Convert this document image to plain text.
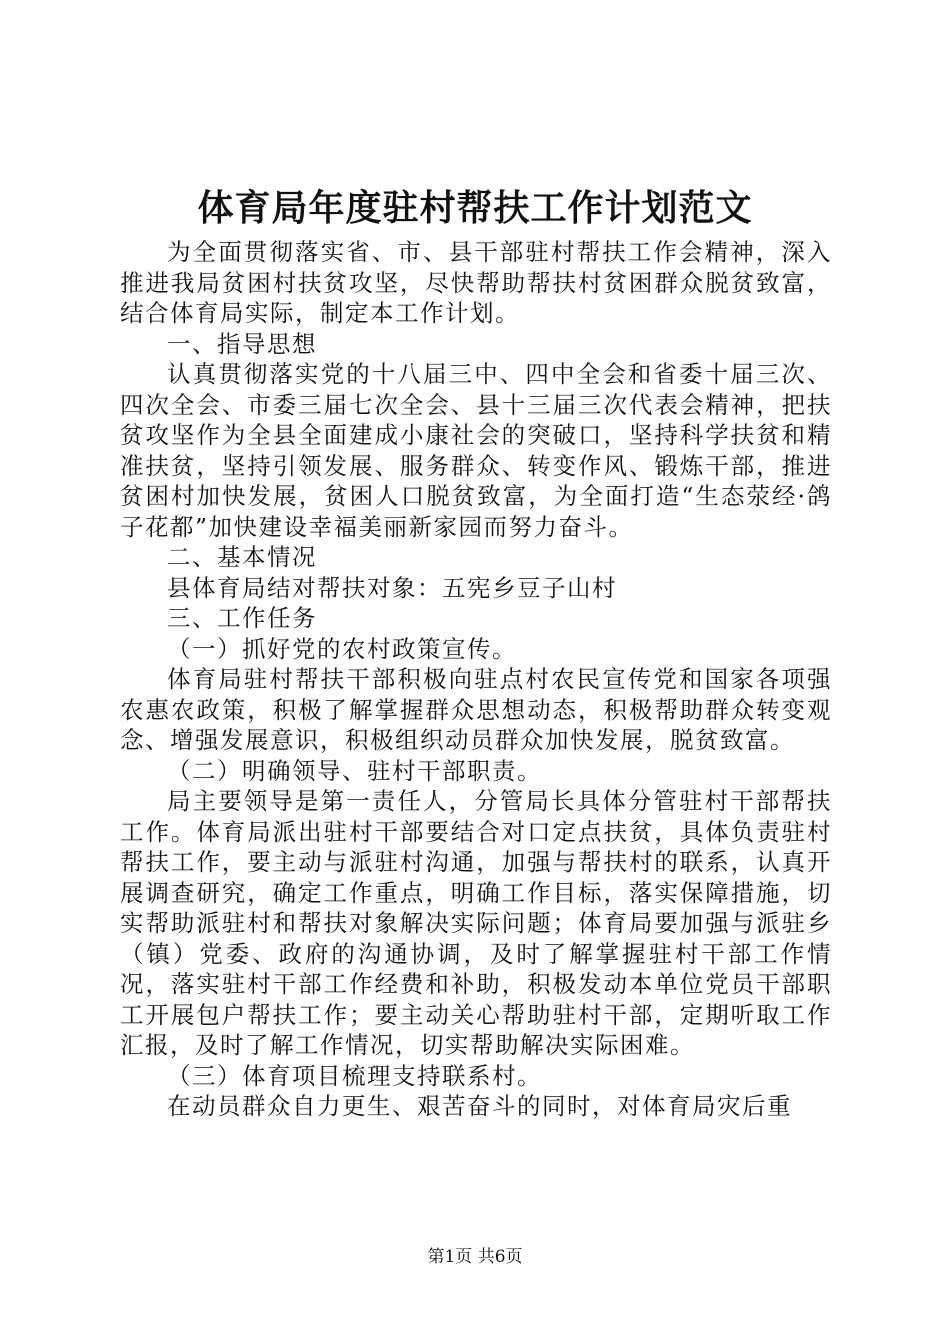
体育局年度驻村帮扶工作计划范文

为全面贯彻落实省、市、县干部驻村帮扶工作会精神，深入推进我局贫困村扶贫攻坚，尽快帮助帮扶村贫困群众脱贫致富，结合体育局实际，制定本工作计划。

一、指导思想

认真贯彻落实党的十八届三中、四中全会和省委十届三次、四次全会、市委三届七次全会、县十三届三次代表会精神，把扶贫攻坚作为全县全面建成小康社会的突破口，坚持科学扶贫和精准扶贫，坚持引领发展、服务群众、转变作风、锻炼干部，推进贫困村加快发展，贫困人口脱贫致富，为全面打造“生态荥经·鸽子花都”加快建设幸福美丽新家园而努力奋斗。

二、基本情况

县体育局结对帮扶对象：五宪乡豆子山村

三、工作任务

（一）抓好党的农村政策宣传。

体育局驻村帮扶干部积极向驻点村农民宣传党和国家各项强农惠农政策，积极了解掌握群众思想动态，积极帮助群众转变观念、增强发展意识，积极组织动员群众加快发展，脱贫致富。

（二）明确领导、驻村干部职责。

局主要领导是第一责任人，分管局长具体分管驻村干部帮扶工作。体育局派出驻村干部要结合对口定点扶贫，具体负责驻村帮扶工作，要主动与派驻村沟通，加强与帮扶村的联系，认真开展调查研究，确定工作重点，明确工作目标，落实保障措施，切实帮助派驻村和帮扶对象解决实际问题；体育局要加强与派驻乡（镇）党委、政府的沟通协调，及时了解掌握驻村干部工作情况，落实驻村干部工作经费和补助，积极发动本单位党员干部职工开展包户帮扶工作；要主动关心帮助驻村干部，定期听取工作汇报，及时了解工作情况，切实帮助解决实际困难。

（三）体育项目梳理支持联系村。

在动员群众自力更生、艰苦奋斗的同时，对体育局灾后重

第1页 共6页
